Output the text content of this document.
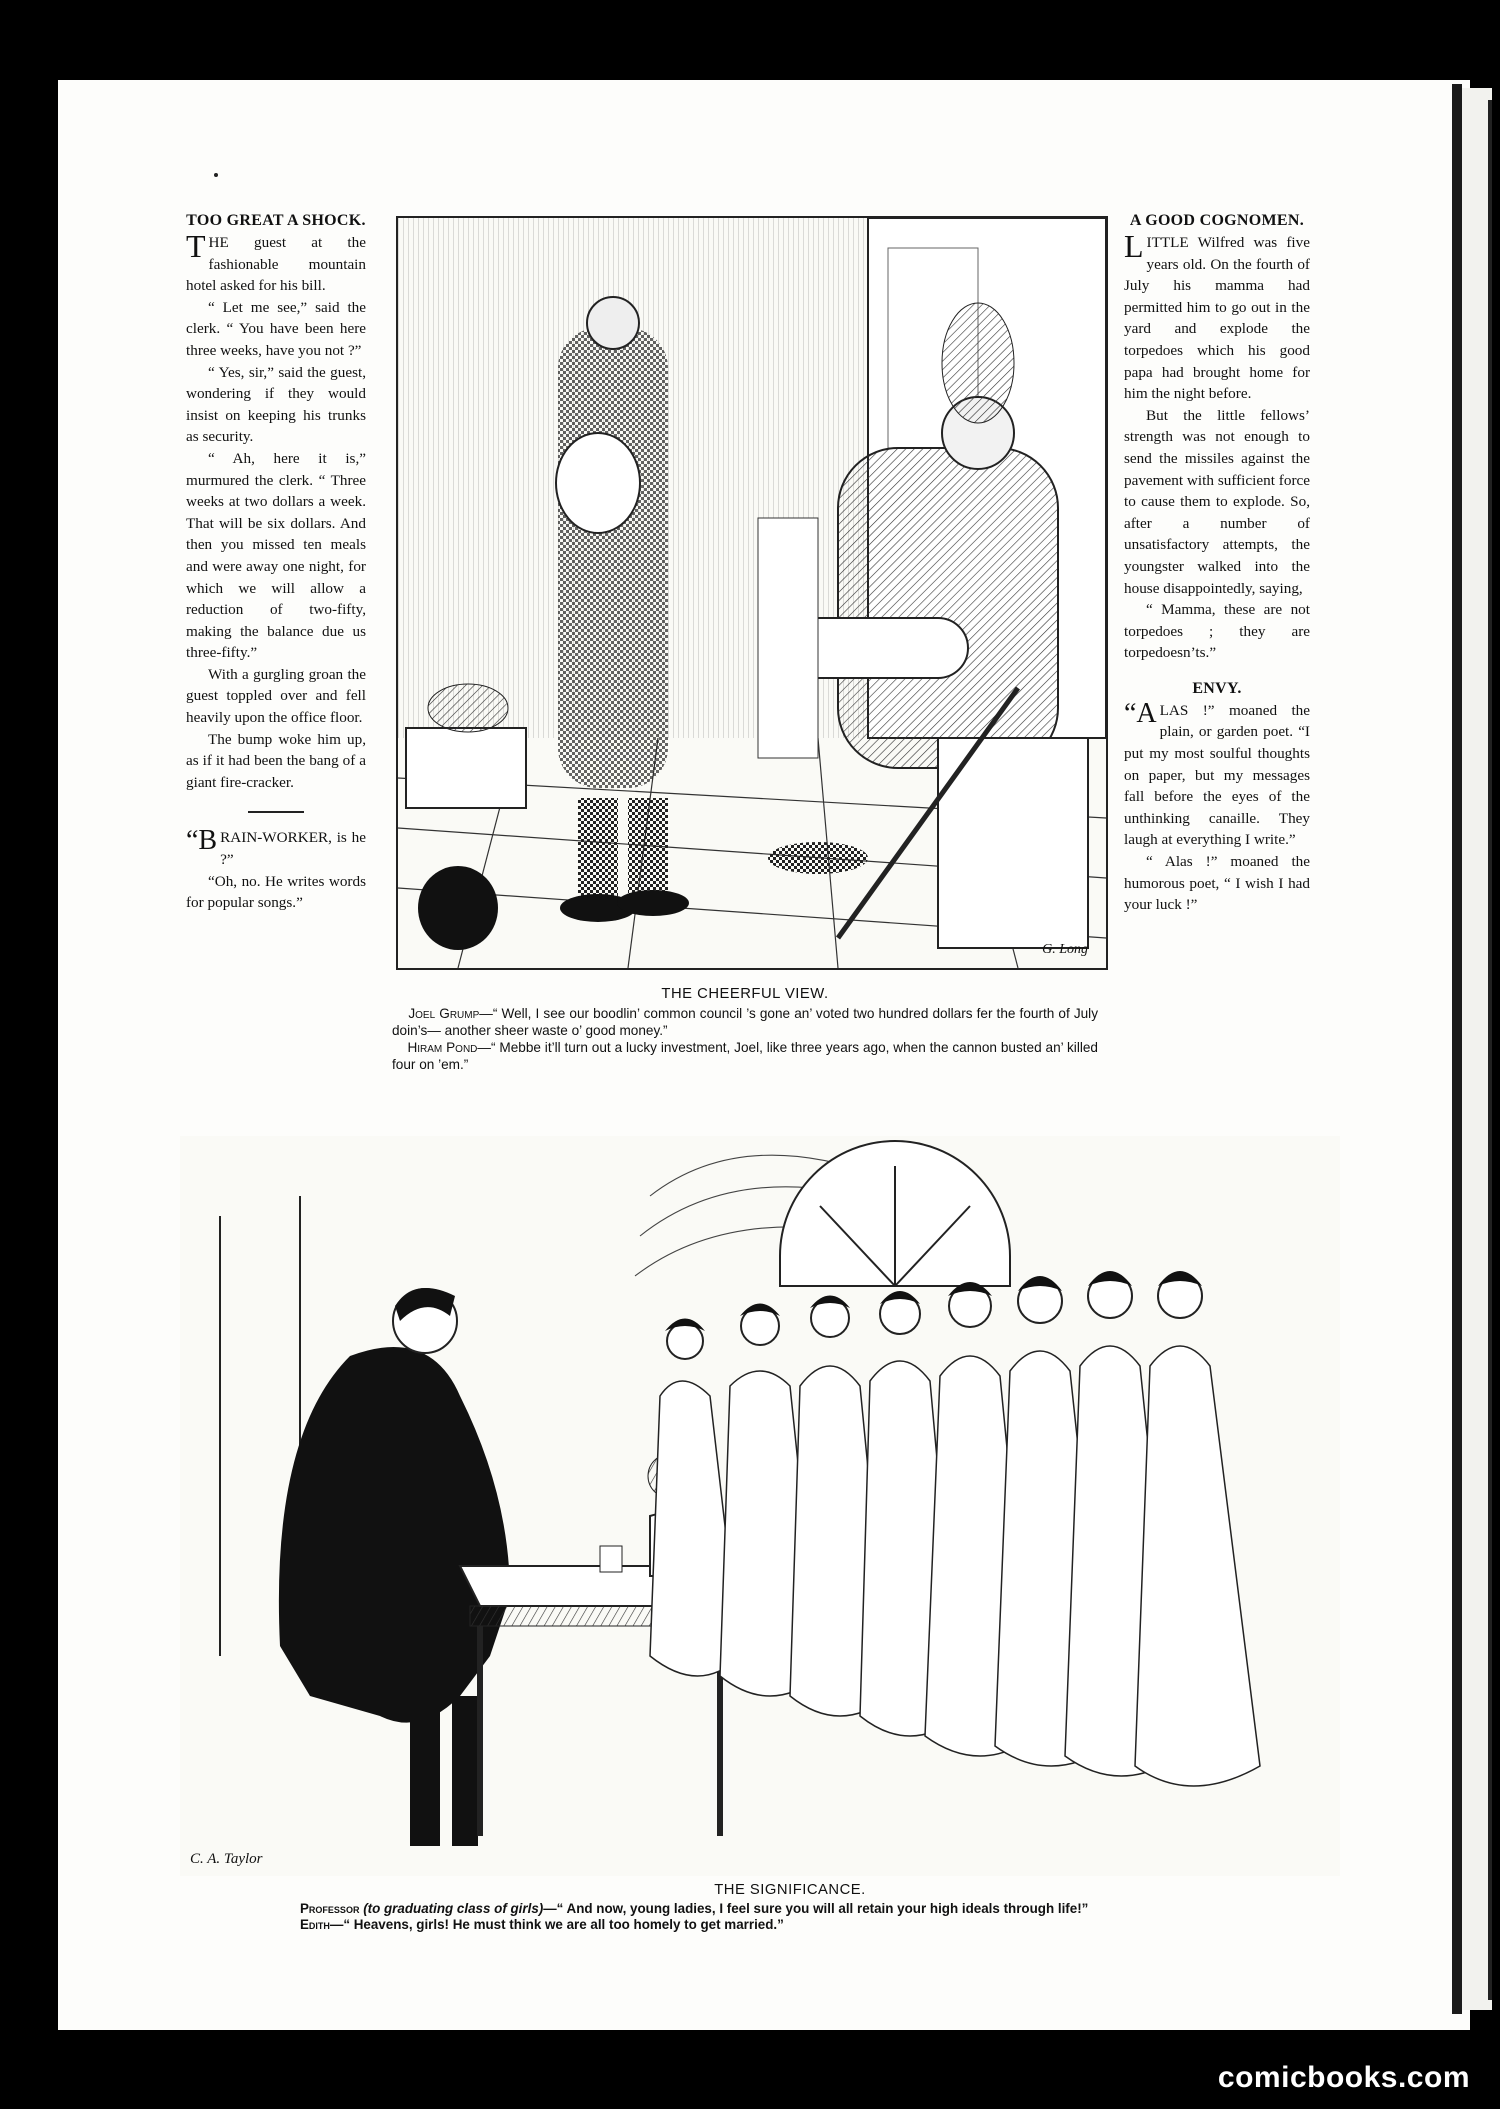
TOO GREAT A SHOCK.

THE guest at the fashionable mountain hotel asked for his bill.

“ Let me see,” said the clerk. “ You have been here three weeks, have you not ?”

“ Yes, sir,” said the guest, wondering if they would insist on keeping his trunks as security.

“ Ah, here it is,” murmured the clerk. “ Three weeks at two dollars a week. That will be six dollars. And then you missed ten meals and were away one night, for which we will allow a reduction of two-fifty, making the balance due us three-fifty.”

With a gurgling groan the guest toppled over and fell heavily upon the office floor.

The bump woke him up, as if it had been the bang of a giant fire-cracker.

“BRAIN-WORKER, is he ?”

“Oh, no. He writes words for popular songs.”

A GOOD COGNOMEN.

LITTLE Wilfred was five years old. On the fourth of July his mamma had permitted him to go out in the yard and explode the torpedoes which his good papa had brought home for him the night before.

But the little fellows’ strength was not enough to send the missiles against the pavement with sufficient force to cause them to explode. So, after a number of unsatisfactory attempts, the youngster walked into the house disappointedly, saying,

“ Mamma, these are not torpedoes ; they are torpedoesn’ts.”

ENVY.

“ALAS !” moaned the plain, or garden poet. “I put my most soulful thoughts on paper, but my messages fall before the eyes of the unthinking canaille. They laugh at everything I write.”

“ Alas !” moaned the humorous poet, “ I wish I had your luck !”

G. Long
THE CHEERFUL VIEW.
Joel Grump—“ Well, I see our boodlin’ common council ’s gone an’ voted two hundred dollars fer the fourth of July doin’s— another sheer waste o’ good money.”
Hiram Pond—“ Mebbe it’ll turn out a lucky investment, Joel, like three years ago, when the cannon busted an’ killed four on ’em.”
C. A. Taylor
THE SIGNIFICANCE.
Professor (to graduating class of girls)—“ And now, young ladies, I feel sure you will all retain your high ideals through life!”
Edith—“ Heavens, girls! He must think we are all too homely to get married.”
comicbooks.com
